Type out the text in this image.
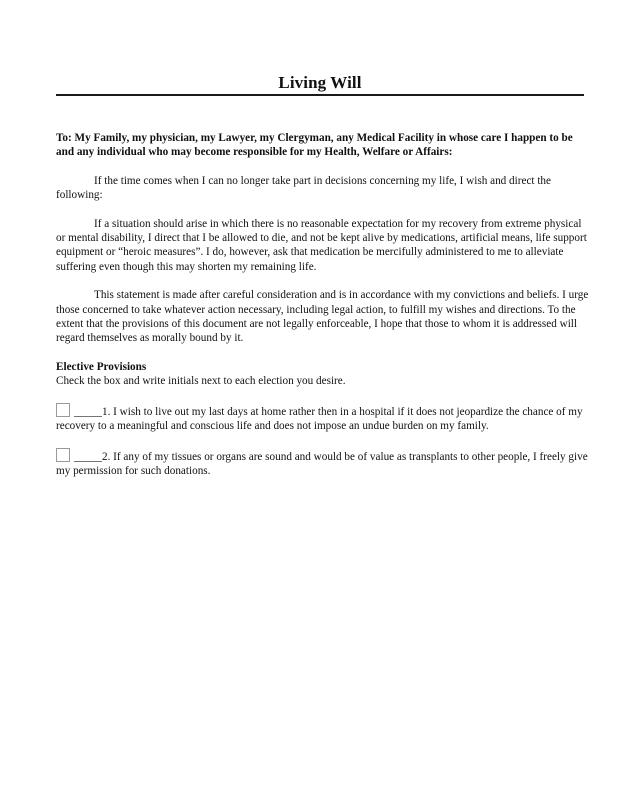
Living Will

To: My Family, my physician, my Lawyer, my Clergyman, any Medical Facility in whose care I happen to be and any individual who may become responsible for my Health, Welfare or Affairs:

If the time comes when I can no longer take part in decisions concerning my life, I wish and direct the following:

If a situation should arise in which there is no reasonable expectation for my recovery from extreme physical or mental disability, I direct that I be allowed to die, and not be kept alive by medications, artificial means, life support equipment or “heroic measures”. I do, however, ask that medication be mercifully administered to me to alleviate suffering even though this may shorten my remaining life.

This statement is made after careful consideration and is in accordance with my convictions and beliefs. I urge those concerned to take whatever action necessary, including legal action, to fulfill my wishes and directions. To the extent that the provisions of this document are not legally enforceable, I hope that those to whom it is addressed will regard themselves as morally bound by it.

Elective Provisions
Check the box and write initials next to each election you desire.
_____1. I wish to live out my last days at home rather then in a hospital if it does not jeopardize the chance of my recovery to a meaningful and conscious life and does not impose an undue burden on my family.
_____2. If any of my tissues or organs are sound and would be of value as transplants to other people, I freely give my permission for such donations.
